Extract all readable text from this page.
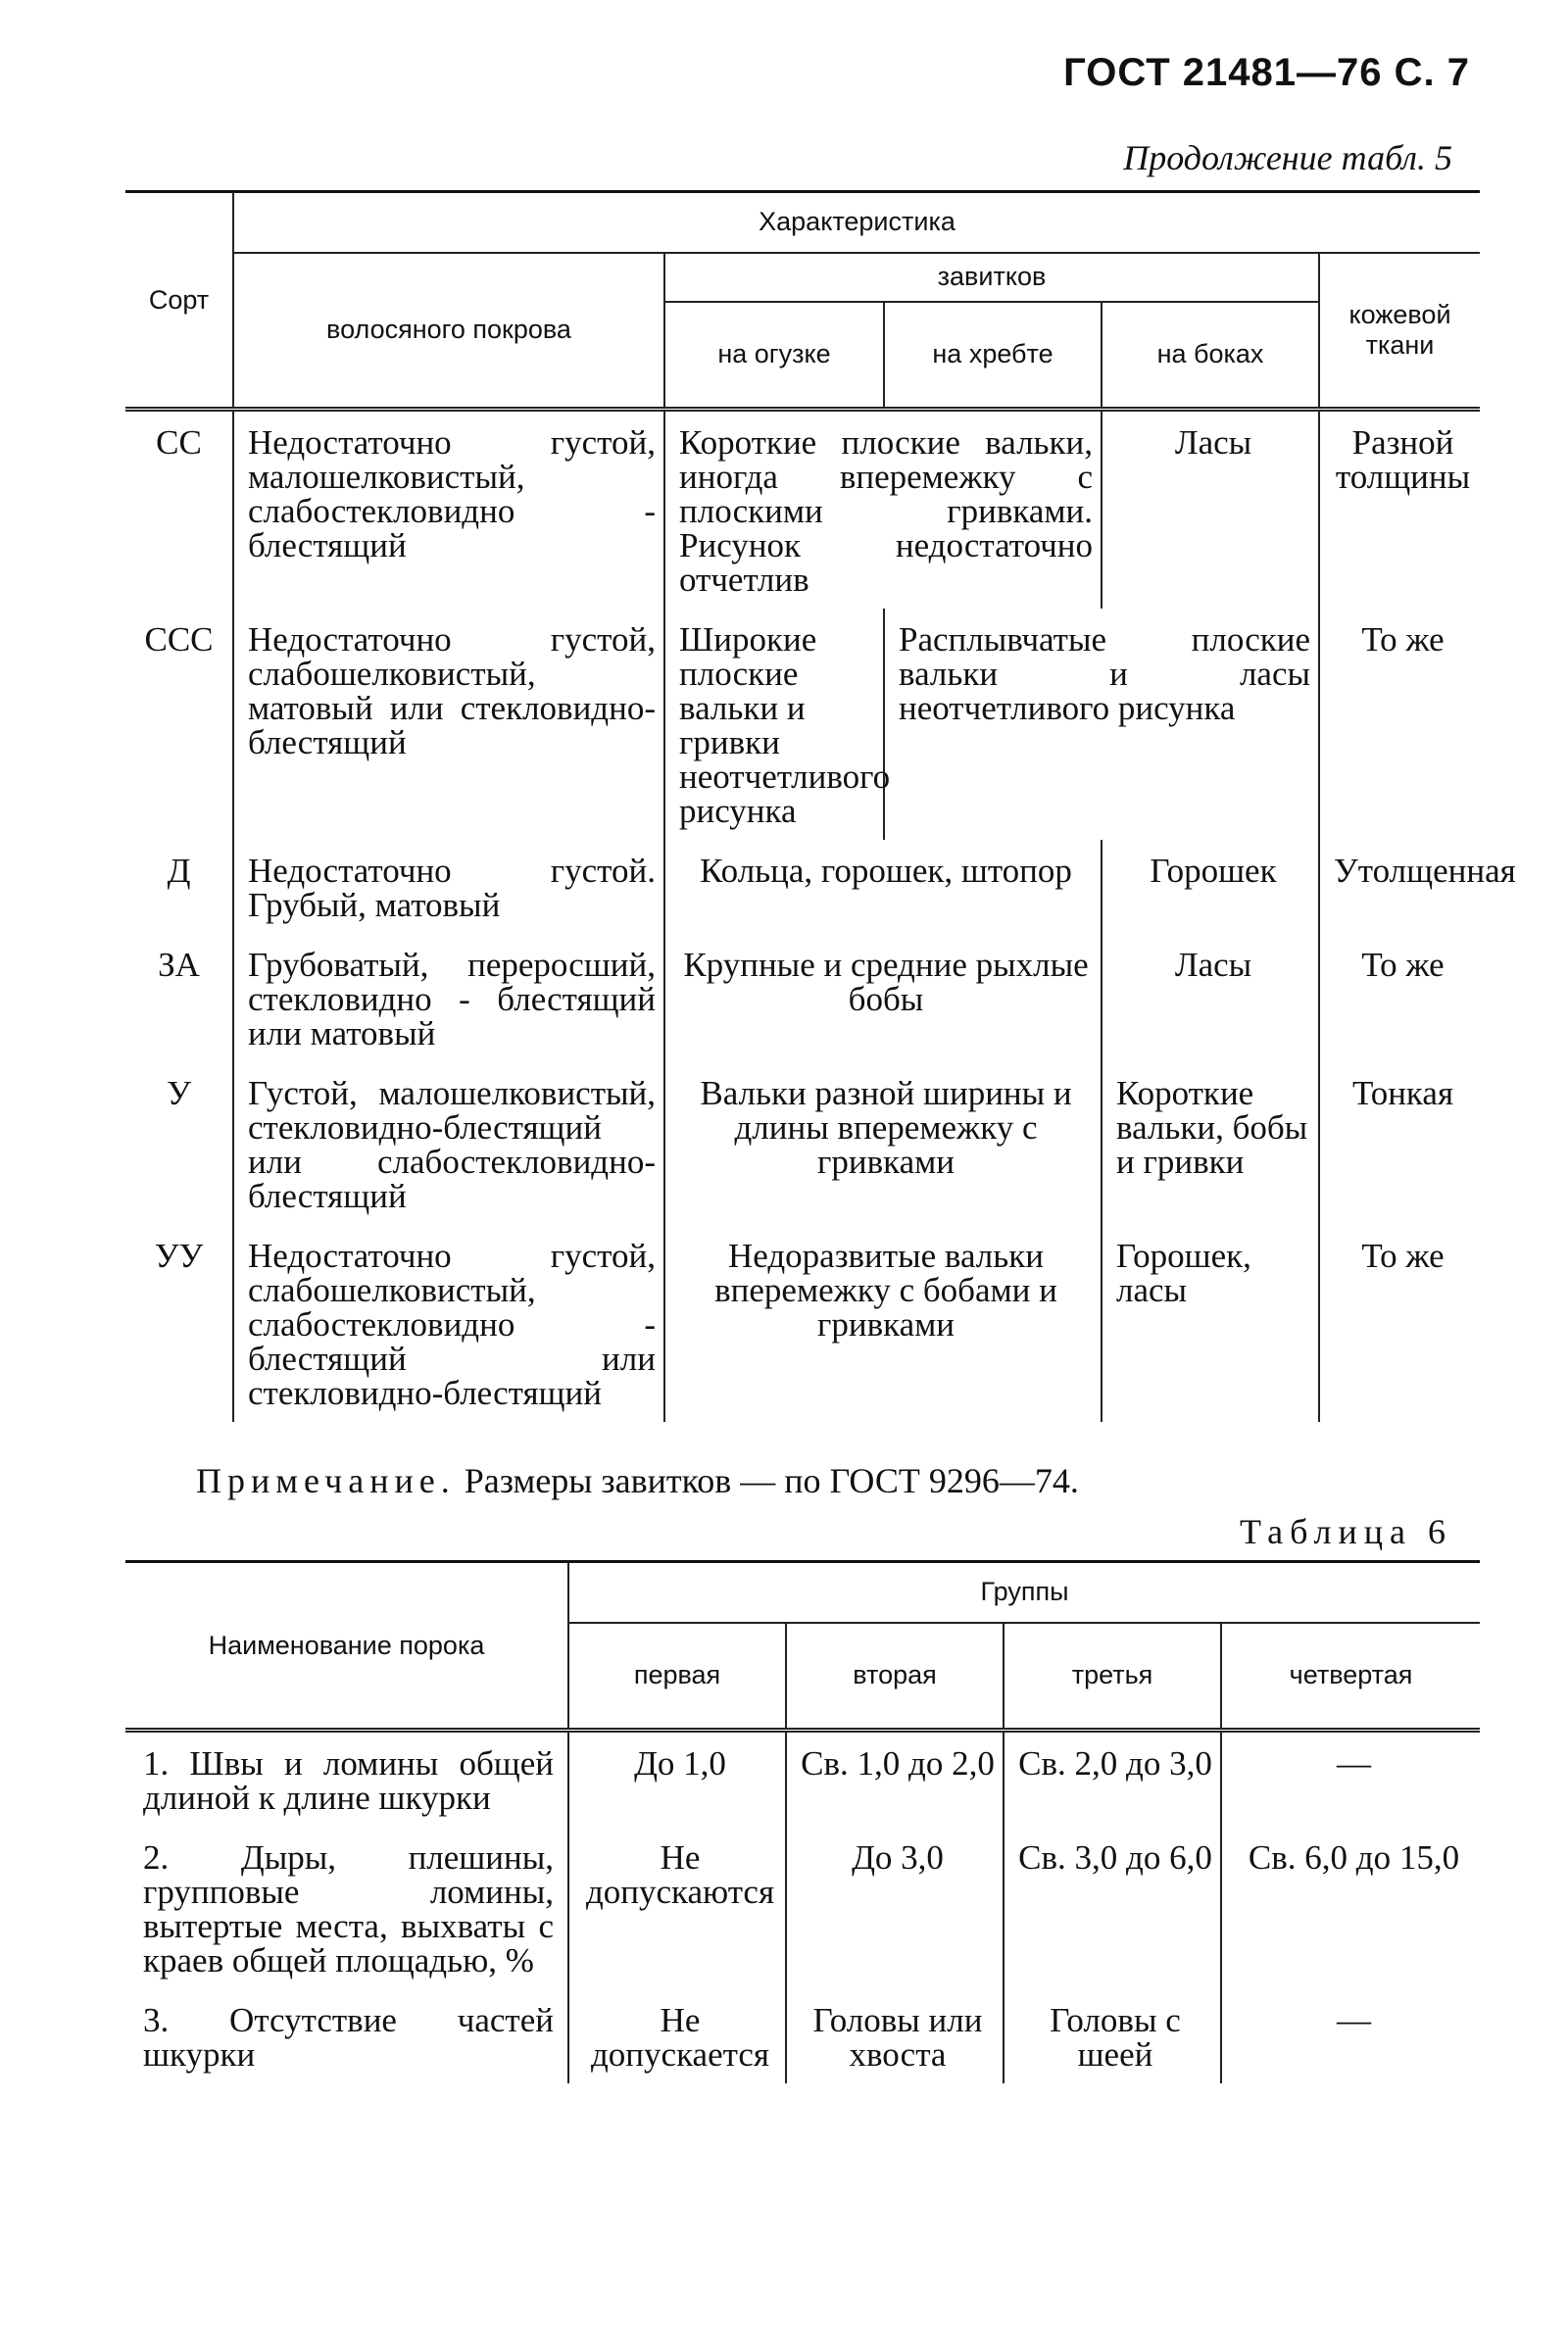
ГОСТ 21481—76 С. 7
Продолжение табл. 5
Сорт	Характеристика				
	волосяного покрова	завитков			кожевой ткани
		на огузке	на хребте	на боках	
СС	Недостаточно густой, малошелковистый, слабостекловидно - блестящий	Короткие плоские вальки, иногда вперемежку с плоскими гривками. Рисунок недостаточно отчетлив		Ласы	Разной толщины
ССС	Недостаточно густой, слабошелковистый, матовый или стекловидно-блестящий	Широкие плоские вальки и гривки неотчетливого рисунка	Расплывчатые плоские вальки и ласы неотчетливого рисунка		То же
Д	Недостаточно густой. Грубый, матовый	Кольца, горошек, штопор		Горошек	Утолщенная
ЗА	Грубоватый, переросший, стекловидно - блестящий или матовый	Крупные и средние рыхлые бобы		Ласы	То же
У	Густой, малошелковистый, стекловидно-блестящий или слабостекловидно-блестящий	Вальки разной ширины и длины вперемежку с гривками		Короткие вальки, бобы и гривки	Тонкая
УУ	Недостаточно густой, слабошелковистый, слабостекловидно - блестящий или стекловидно-блестящий	Недоразвитые вальки вперемежку с бобами и гривками		Горошек, ласы	То же
Примечание. Размеры завитков — по ГОСТ 9296—74.
Таблица 6
Наименование порока	Группы			
	первая	вторая	третья	четвертая
1. Швы и ломины общей длиной к длине шкурки	До 1,0	Св. 1,0 до 2,0	Св. 2,0 до 3,0	—
2. Дыры, плешины, групповые ломины, вытертые места, выхваты с краев общей площадью, %	Не допускаются	До 3,0	Св. 3,0 до 6,0	Св. 6,0 до 15,0
3. Отсутствие частей шкурки	Не допускается	Головы или хвоста	Головы с шеей	—
